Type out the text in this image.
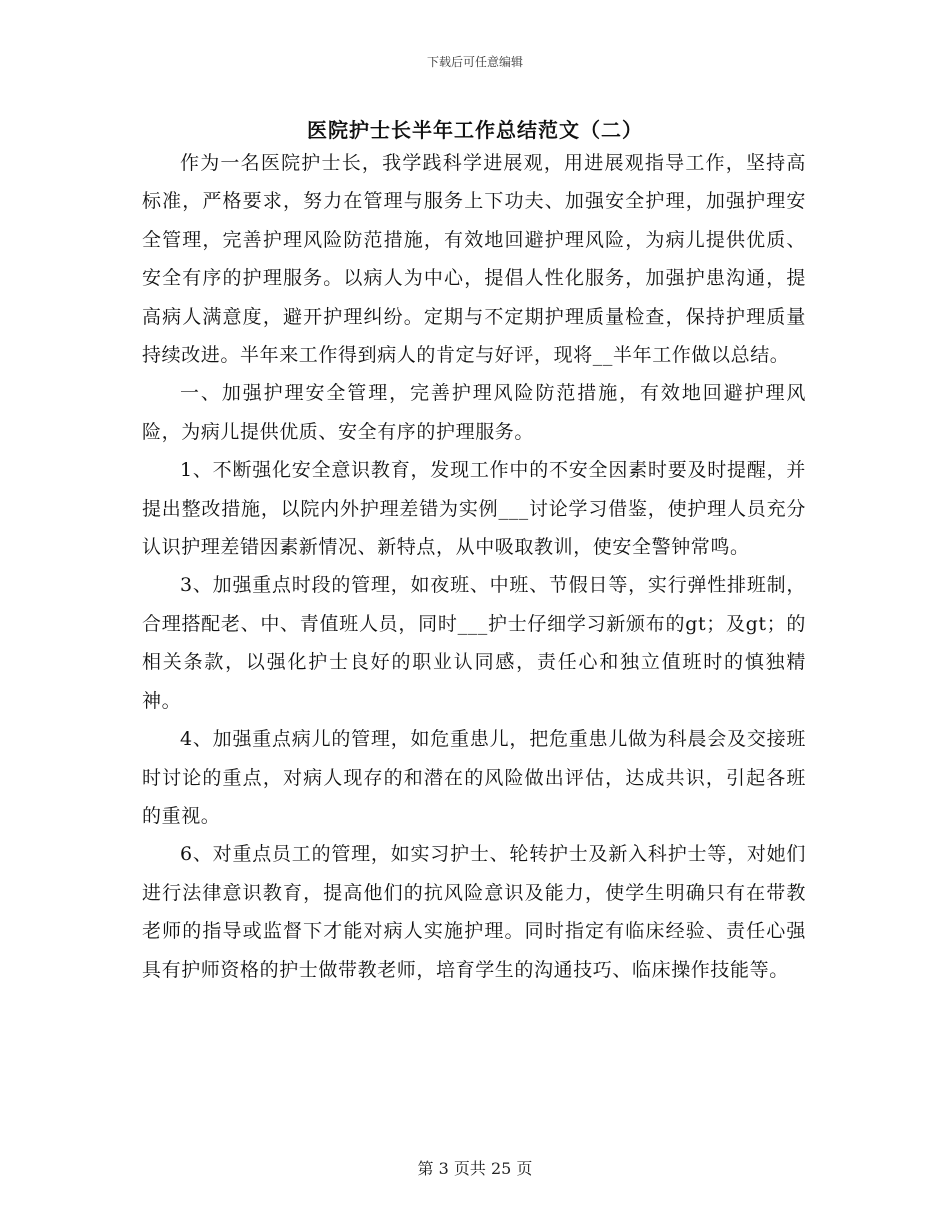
下载后可任意编辑
医院护士长半年工作总结范文（二）

作为一名医院护士长，我学践科学进展观，用进展观指导工作，坚持高标准，严格要求，努力在管理与服务上下功夫、加强安全护理，加强护理安全管理，完善护理风险防范措施，有效地回避护理风险，为病儿提供优质、安全有序的护理服务。以病人为中心，提倡人性化服务，加强护患沟通，提高病人满意度，避开护理纠纷。定期与不定期护理质量检查，保持护理质量持续改进。半年来工作得到病人的肯定与好评，现将__半年工作做以总结。

一、加强护理安全管理，完善护理风险防范措施，有效地回避护理风险，为病儿提供优质、安全有序的护理服务。

1、不断强化安全意识教育，发现工作中的不安全因素时要及时提醒，并提出整改措施，以院内外护理差错为实例___讨论学习借鉴，使护理人员充分认识护理差错因素新情况、新特点，从中吸取教训，使安全警钟常鸣。

3、加强重点时段的管理，如夜班、中班、节假日等，实行弹性排班制，合理搭配老、中、青值班人员，同时___护士仔细学习新颁布的gt；及gt；的相关条款，以强化护士良好的职业认同感，责任心和独立值班时的慎独精神。

4、加强重点病儿的管理，如危重患儿，把危重患儿做为科晨会及交接班时讨论的重点，对病人现存的和潜在的风险做出评估，达成共识，引起各班的重视。

6、对重点员工的管理，如实习护士、轮转护士及新入科护士等，对她们进行法律意识教育，提高他们的抗风险意识及能力，使学生明确只有在带教老师的指导或监督下才能对病人实施护理。同时指定有临床经验、责任心强具有护师资格的护士做带教老师，培育学生的沟通技巧、临床操作技能等。

第 3 页共 25 页
